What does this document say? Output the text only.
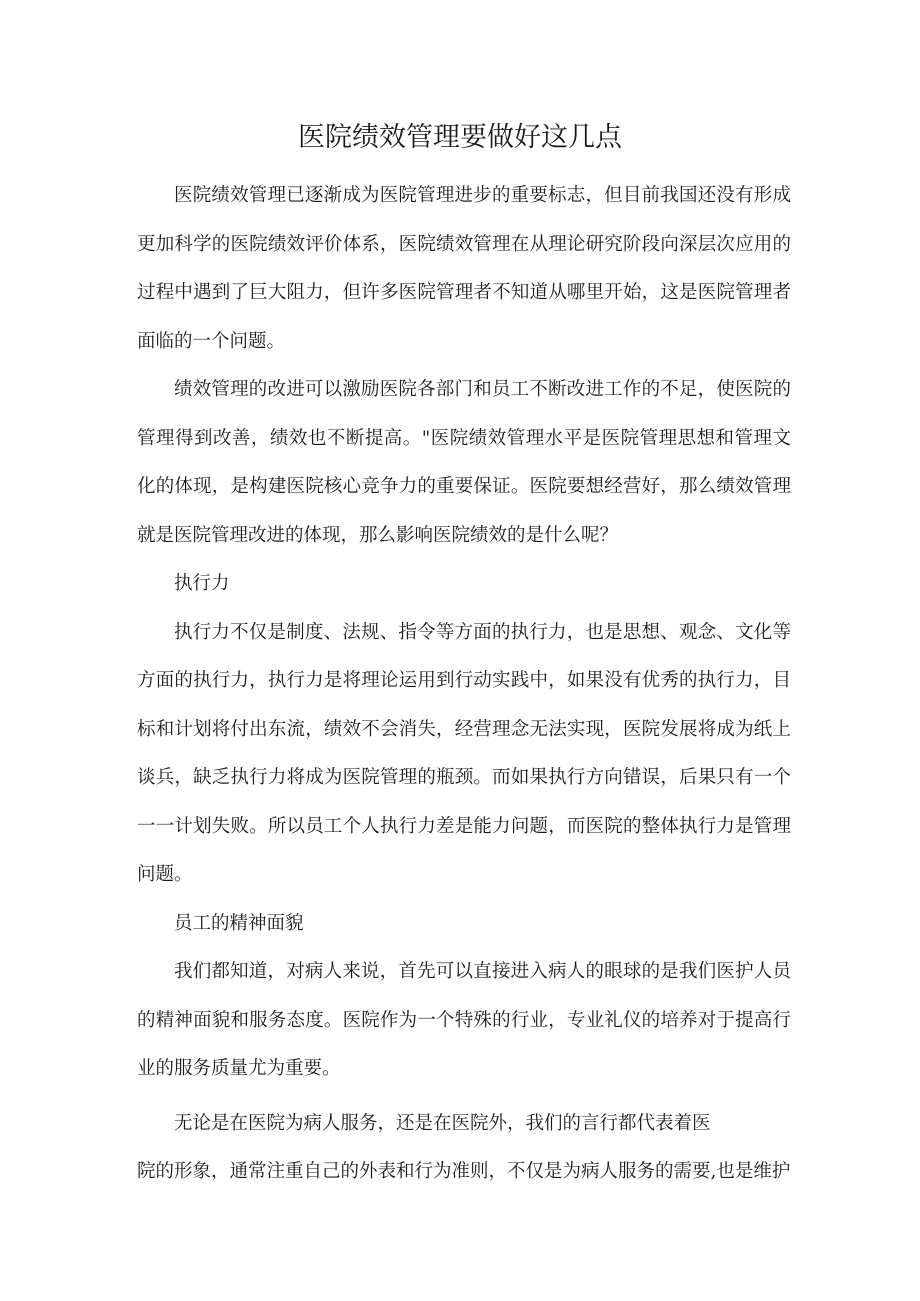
医院绩效管理要做好这几点

医院绩效管理已逐渐成为医院管理进步的重要标志，但目前我国还没有形成更加科学的医院绩效评价体系，医院绩效管理在从理论研究阶段向深层次应用的过程中遇到了巨大阻力，但许多医院管理者不知道从哪里开始，这是医院管理者面临的一个问题。

绩效管理的改进可以激励医院各部门和员工不断改进工作的不足，使医院的管理得到改善，绩效也不断提高。"医院绩效管理水平是医院管理思想和管理文化的体现，是构建医院核心竞争力的重要保证。医院要想经营好，那么绩效管理就是医院管理改进的体现，那么影响医院绩效的是什么呢？

执行力

执行力不仅是制度、法规、指令等方面的执行力，也是思想、观念、文化等方面的执行力，执行力是将理论运用到行动实践中，如果没有优秀的执行力，目标和计划将付出东流，绩效不会消失，经营理念无法实现，医院发展将成为纸上谈兵，缺乏执行力将成为医院管理的瓶颈。而如果执行方向错误，后果只有一个一一计划失败。所以员工个人执行力差是能力问题，而医院的整体执行力是管理问题。

员工的精神面貌

我们都知道，对病人来说，首先可以直接进入病人的眼球的是我们医护人员的精神面貌和服务态度。医院作为一个特殊的行业，专业礼仪的培养对于提高行业的服务质量尤为重要。

无论是在医院为病人服务，还是在医院外，我们的言行都代表着医
院的形象，通常注重自己的外表和行为准则，不仅是为病人服务的需要,也是维护
